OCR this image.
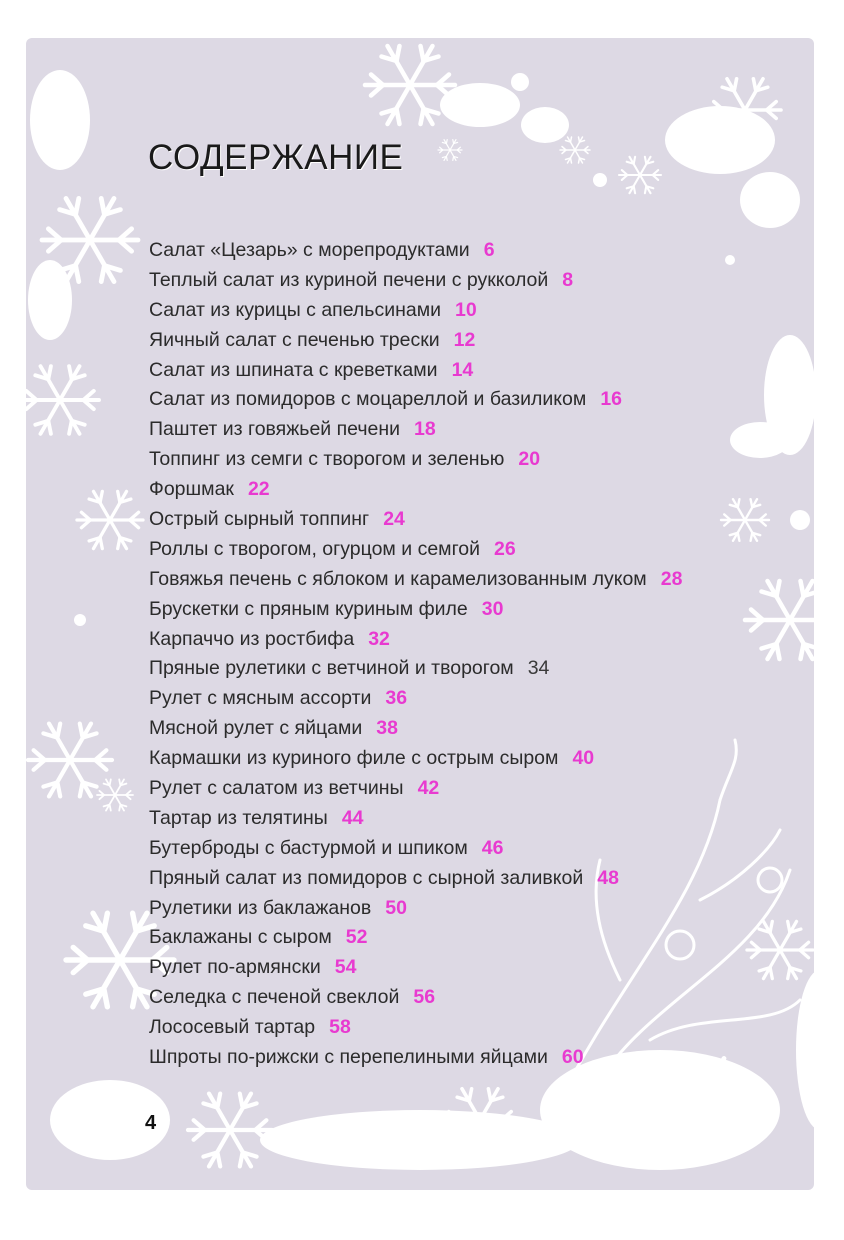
СОДЕРЖАНИЕ
Салат «Цезарь» с морепродуктами 6
Теплый салат из куриной печени с рукколой 8
Салат из курицы с апельсинами 10
Яичный салат с печенью трески 12
Салат из шпината с креветками 14
Салат из помидоров с моцареллой и базиликом 16
Паштет из говяжьей печени 18
Топпинг из семги с творогом и зеленью 20
Форшмак 22
Острый сырный топпинг 24
Роллы с творогом, огурцом и семгой 26
Говяжья печень с яблоком и карамелизованным луком 28
Брускетки с пряным куриным филе 30
Карпаччо из ростбифа 32
Пряные рулетики с ветчиной и творогом 34
Рулет с мясным ассорти 36
Мясной рулет с яйцами 38
Кармашки из куриного филе с острым сыром 40
Рулет с салатом из ветчины 42
Тартар из телятины 44
Бутерброды с бастурмой и шпиком 46
Пряный салат из помидоров с сырной заливкой 48
Рулетики из баклажанов 50
Баклажаны с сыром 52
Рулет по-армянски 54
Селедка с печеной свеклой 56
Лососевый тартар 58
Шпроты по-рижски с перепелиными яйцами 60
4
